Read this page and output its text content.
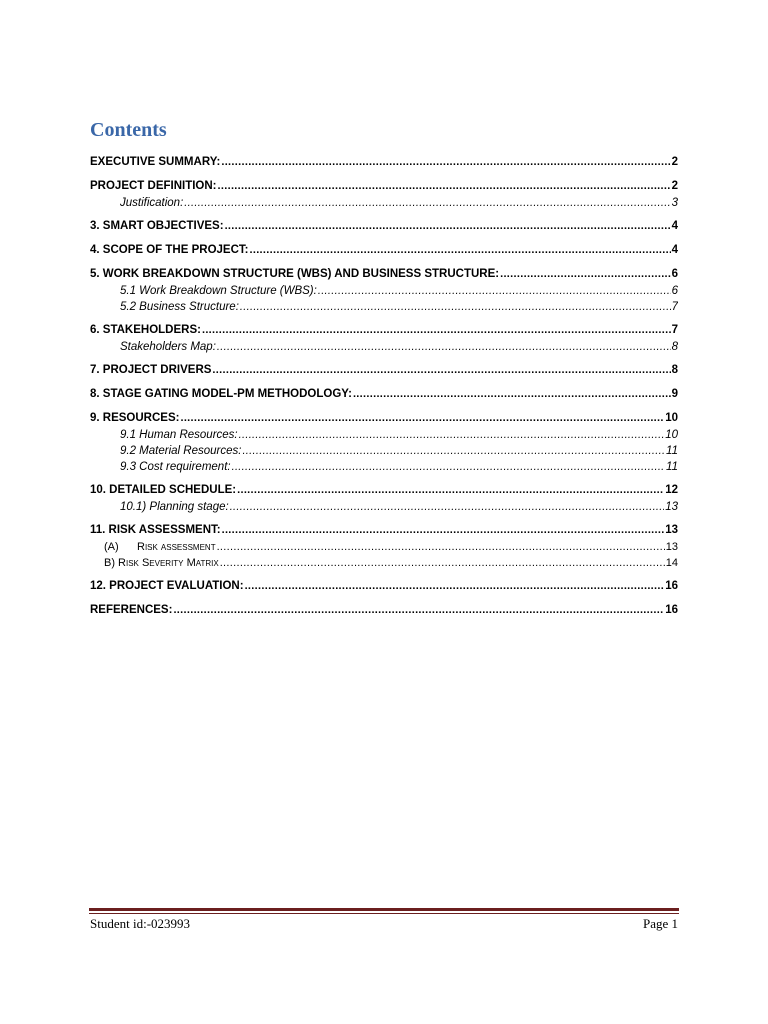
Contents
EXECUTIVE SUMMARY: .....	2
PROJECT DEFINITION: .....	2
Justification: .....	3
3. SMART OBJECTIVES: .....	4
4. SCOPE OF THE PROJECT: .....	4
5. WORK BREAKDOWN STRUCTURE (WBS) AND BUSINESS STRUCTURE: .....	6
5.1 Work Breakdown Structure (WBS): .....	6
5.2 Business Structure: .....	7
6. STAKEHOLDERS: .....	7
Stakeholders Map: .....	8
7. PROJECT DRIVERS .....	8
8. STAGE GATING MODEL-PM METHODOLOGY: .....	9
9. RESOURCES: .....	10
9.1 Human Resources: .....	10
9.2 Material Resources: .....	11
9.3 Cost requirement: .....	11
10. DETAILED SCHEDULE: .....	12
10.1) Planning stage: .....	13
11. RISK ASSESSMENT: .....	13
(A)      Risk assessment .....	13
B) Risk Severity Matrix .....	14
12. PROJECT EVALUATION: .....	16
REFERENCES: .....	16
Student id:-023993	Page 1
